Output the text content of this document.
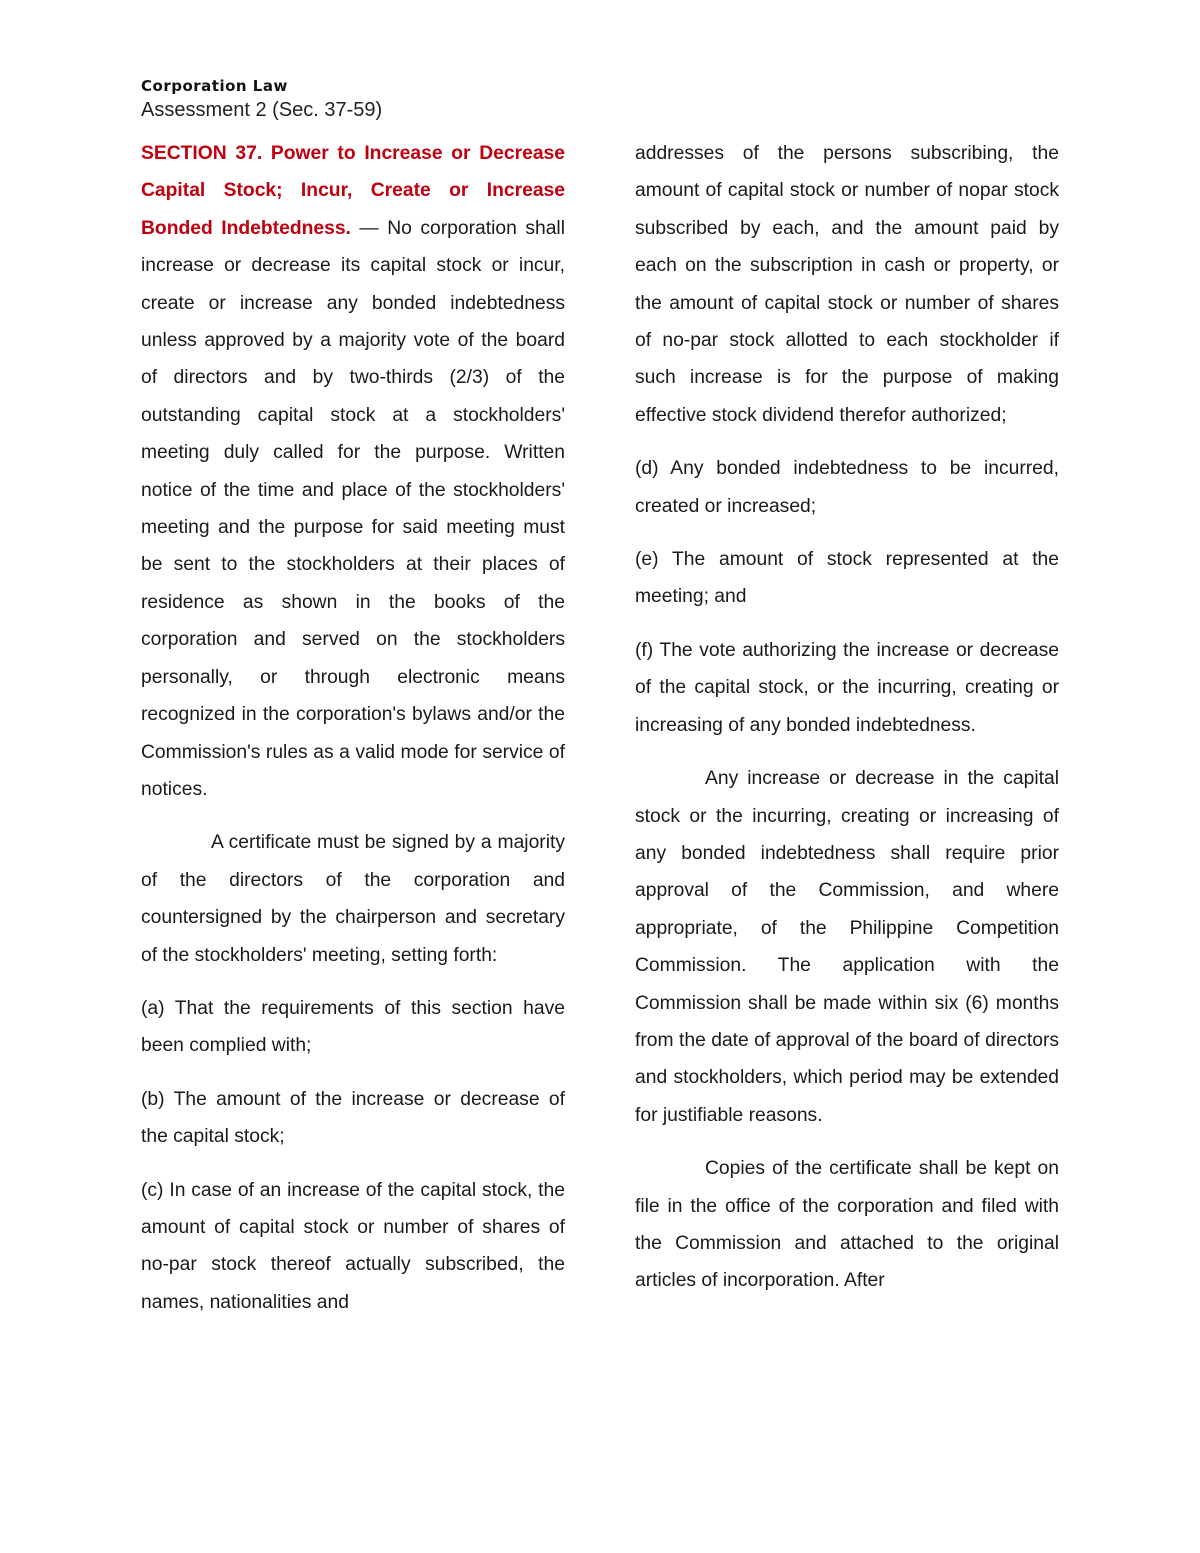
Corporation Law
Assessment 2 (Sec. 37-59)

SECTION 37. Power to Increase or Decrease Capital Stock; Incur, Create or Increase Bonded Indebtedness. — No corporation shall increase or decrease its capital stock or incur, create or increase any bonded indebtedness unless approved by a majority vote of the board of directors and by two-thirds (2/3) of the outstanding capital stock at a stockholders' meeting duly called for the purpose. Written notice of the time and place of the stockholders' meeting and the purpose for said meeting must be sent to the stockholders at their places of residence as shown in the books of the corporation and served on the stockholders personally, or through electronic means recognized in the corporation's bylaws and/or the Commission's rules as a valid mode for service of notices.

A certificate must be signed by a majority of the directors of the corporation and countersigned by the chairperson and secretary of the stockholders' meeting, setting forth:

(a) That the requirements of this section have been complied with;

(b) The amount of the increase or decrease of the capital stock;

(c) In case of an increase of the capital stock, the amount of capital stock or number of shares of no-par stock thereof actually subscribed, the names, nationalities and

addresses of the persons subscribing, the amount of capital stock or number of nopar stock subscribed by each, and the amount paid by each on the subscription in cash or property, or the amount of capital stock or number of shares of no-par stock allotted to each stockholder if such increase is for the purpose of making effective stock dividend therefor authorized;

(d) Any bonded indebtedness to be incurred, created or increased;

(e) The amount of stock represented at the meeting; and

(f) The vote authorizing the increase or decrease of the capital stock, or the incurring, creating or increasing of any bonded indebtedness.

Any increase or decrease in the capital stock or the incurring, creating or increasing of any bonded indebtedness shall require prior approval of the Commission, and where appropriate, of the Philippine Competition Commission. The application with the Commission shall be made within six (6) months from the date of approval of the board of directors and stockholders, which period may be extended for justifiable reasons.

Copies of the certificate shall be kept on file in the office of the corporation and filed with the Commission and attached to the original articles of incorporation. After
